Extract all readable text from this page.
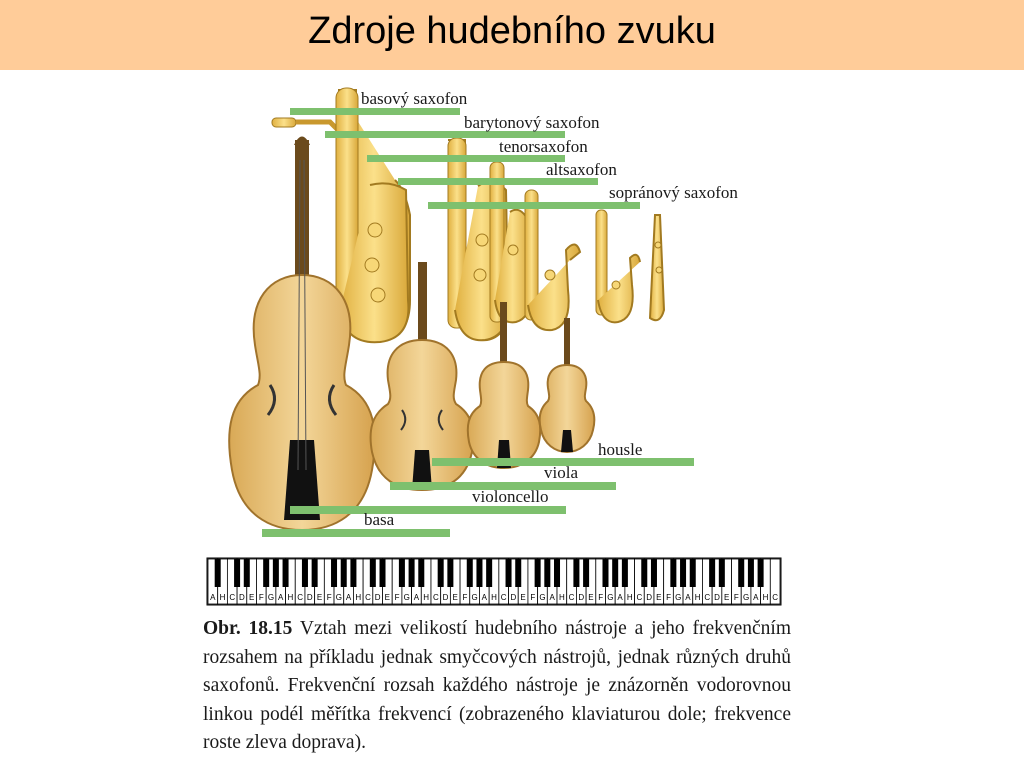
Zdroje hudebního zvuku
basový saxofon
barytonový saxofon
tenorsaxofon
altsaxofon
sopránový saxofon
housle
viola
violoncello
basa
A H C D E F G A H C D E F G A H C D E F G A H C D E F G A H C D E F G A H C D E F G A H C D E F G A H C D E F G A H C
Obr. 18.15 Vztah mezi velikostí hudebního nástroje a jeho frekvenčním rozsahem na příkladu jednak smyčcových nástrojů, jednak různých druhů saxofonů. Frekvenční rozsah každého nástroje je znázorněn vodorovnou linkou podél měřítka frekvencí (zobrazeného klaviaturou dole; frekvence roste zleva doprava).
